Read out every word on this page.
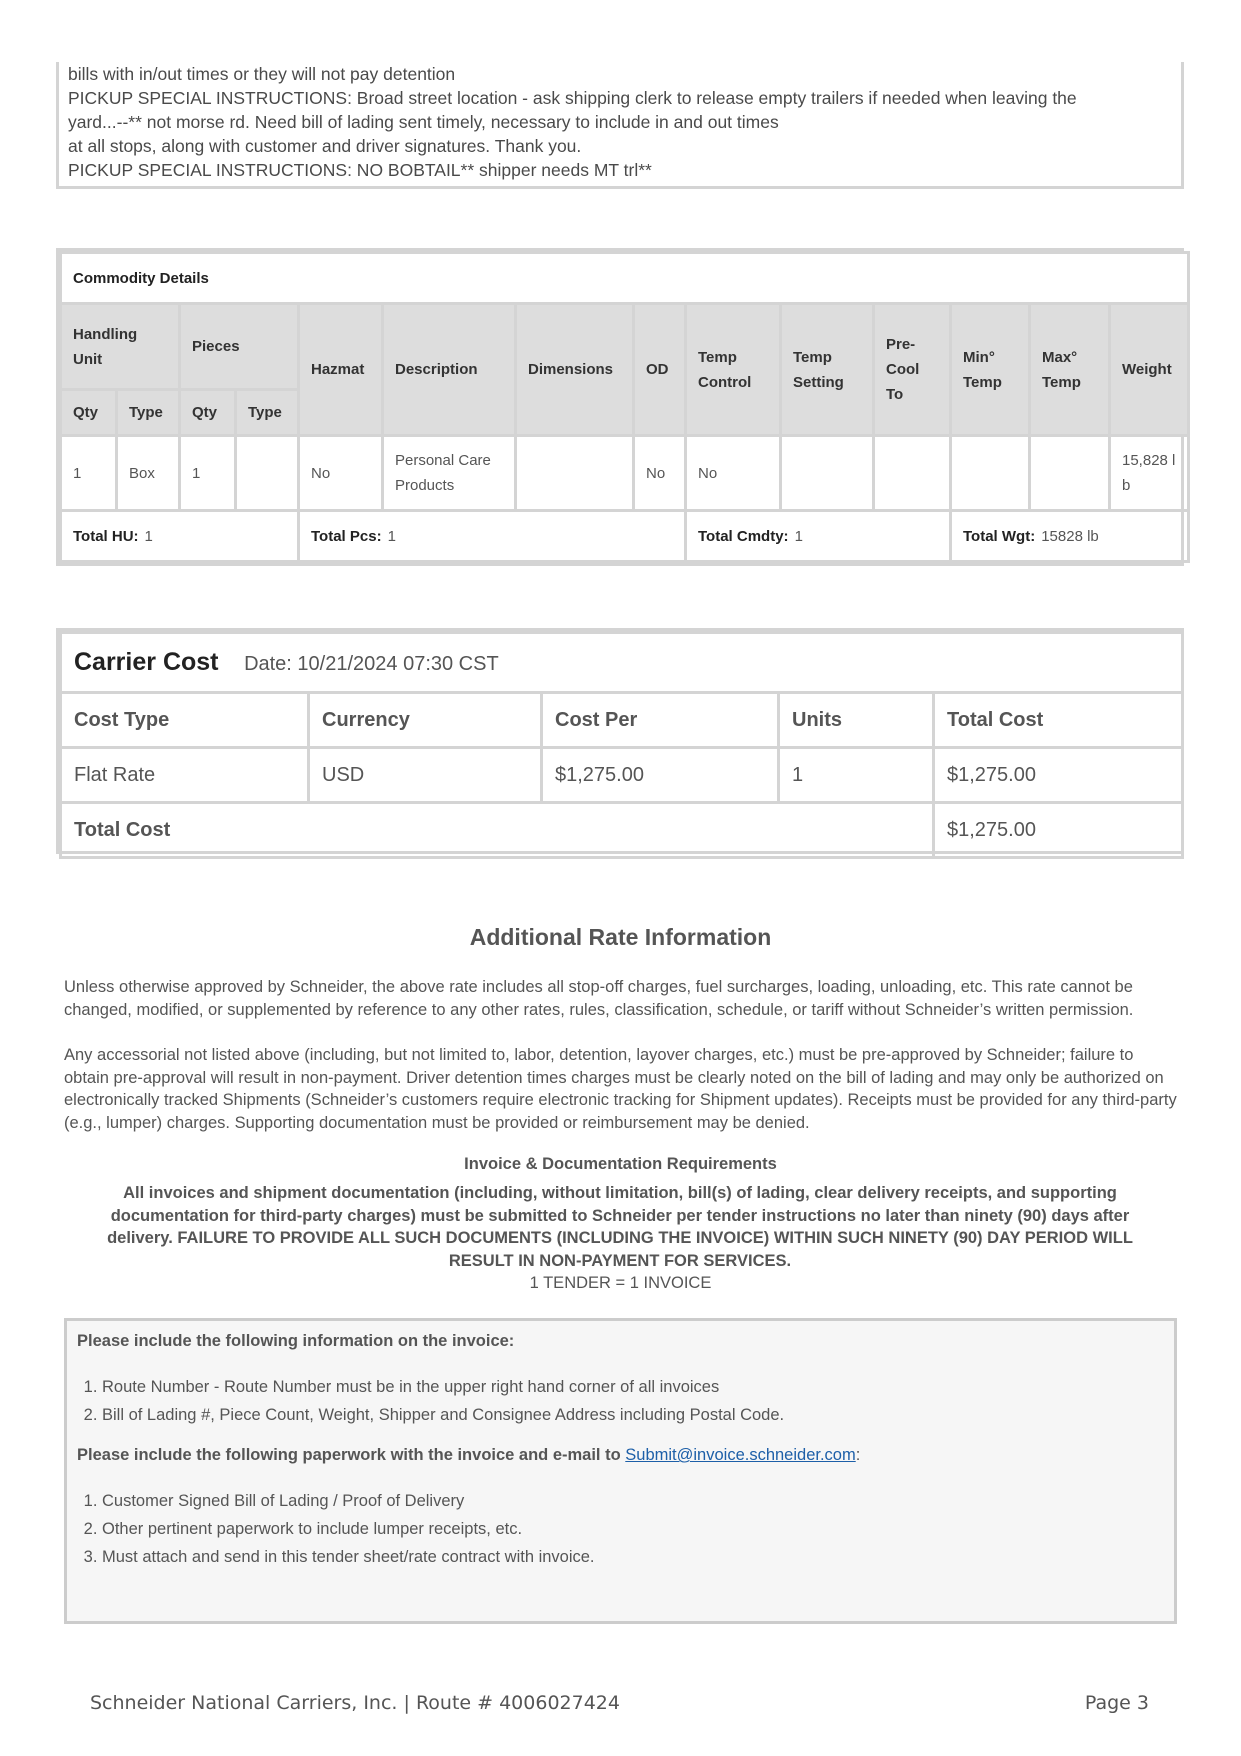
bills with in/out times or they will not pay detention
PICKUP SPECIAL INSTRUCTIONS: Broad street location - ask shipping clerk to release empty trailers if needed when leaving the
yard...--** not morse rd. Need bill of lading sent timely, necessary to include in and out times
at all stops, along with customer and driver signatures. Thank you.
PICKUP SPECIAL INSTRUCTIONS: NO BOBTAIL** shipper needs MT trl**
Commodity Details													
Handling Unit		Pieces		Hazmat	Description	Dimensions	OD	Temp Control	Temp Setting	Pre-Cool To	Min° Temp	Max° Temp	Weight
Qty	Type	Qty	Type										
1	Box	1		No	Personal Care Products		No	No					15,828 lb
Total HU: 1				Total Pcs: 1				Total Cmdty: 1			Total Wgt: 15828 lb		
Carrier Cost Date: 10/21/2024 07:30 CST				
Cost Type	Currency	Cost Per	Units	Total Cost
Flat Rate	USD	$1,275.00	1	$1,275.00
Total Cost				$1,275.00
Additional Rate Information
Unless otherwise approved by Schneider, the above rate includes all stop-off charges, fuel surcharges, loading, unloading, etc. This rate cannot be changed, modified, or supplemented by reference to any other rates, rules, classification, schedule, or tariff without Schneider’s written permission.
Any accessorial not listed above (including, but not limited to, labor, detention, layover charges, etc.) must be pre-approved by Schneider; failure to obtain pre-approval will result in non-payment. Driver detention times charges must be clearly noted on the bill of lading and may only be authorized on electronically tracked Shipments (Schneider’s customers require electronic tracking for Shipment updates). Receipts must be provided for any third-party (e.g., lumper) charges. Supporting documentation must be provided or reimbursement may be denied.
Invoice & Documentation Requirements
All invoices and shipment documentation (including, without limitation, bill(s) of lading, clear delivery receipts, and supporting documentation for third-party charges) must be submitted to Schneider per tender instructions no later than ninety (90) days after delivery. FAILURE TO PROVIDE ALL SUCH DOCUMENTS (INCLUDING THE INVOICE) WITHIN SUCH NINETY (90) DAY PERIOD WILL RESULT IN NON-PAYMENT FOR SERVICES.
1 TENDER = 1 INVOICE
Please include the following information on the invoice:
1. Route Number - Route Number must be in the upper right hand corner of all invoices
2. Bill of Lading #, Piece Count, Weight, Shipper and Consignee Address including Postal Code.
Please include the following paperwork with the invoice and e-mail to Submit@invoice.schneider.com:
1. Customer Signed Bill of Lading / Proof of Delivery
2. Other pertinent paperwork to include lumper receipts, etc.
3. Must attach and send in this tender sheet/rate contract with invoice.
Schneider National Carriers, Inc. | Route # 4006027424	Page 3
